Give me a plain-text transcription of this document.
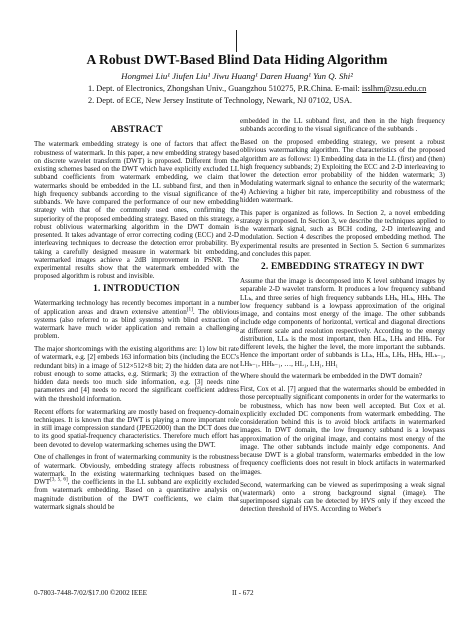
A Robust DWT-Based Blind Data Hiding Algorithm
Hongmei Liu¹ Jiufen Liu¹ Jiwu Huang¹ Daren Huang¹ Yun Q. Shi²
1. Dept. of Electronics, Zhongshan Univ., Guangzhou 510275, P.R.China. E-mail: isslhm@zsu.edu.cn
2. Dept. of ECE, New Jersey Institute of Technology, Newark, NJ 07102, USA.
ABSTRACT

The watermark embedding strategy is one of factors that affect the robustness of watermark. In this paper, a new embedding strategy based on discrete wavelet transform (DWT) is proposed. Different from the existing schemes based on the DWT which have explicitly excluded LL subband coefficients from watermark embedding, we claim that watermarks should be embedded in the LL subband first, and then in high frequency subbands according to the visual significance of the subbands. We have compared the performance of our new embedding strategy with that of the commonly used ones, confirming the superiority of the proposed embedding strategy. Based on this strategy, a robust oblivious watermarking algorithm in the DWT domain is presented. It takes advantage of error correcting coding (ECC) and 2-D interleaving techniques to decrease the detection error probability. By taking a carefully designed measure in watermark bit embedding, watermarked images achieve a 2dB improvement in PSNR. The experimental results show that the watermark embedded with the proposed algorithm is robust and invisible.

1. INTRODUCTION

Watermarking technology has recently becomes important in a number of application areas and drawn extensive attention[1]. The oblivious systems (also referred to as blind systems) with blind extraction of watermark have much wider application and remain a challenging problem.

The major shortcomings with the existing algorithms are: 1) low bit rate of watermark, e.g. [2] embeds 163 information bits (including the ECC's redundant bits) in a image of 512×512×8 bit; 2) the hidden data are not robust enough to some attacks, e.g. Stirmark; 3) the extraction of the hidden data needs too much side information, e.g. [3] needs nine parameters and [4] needs to record the significant coefficient address with the threshold information.

Recent efforts for watermarking are mostly based on frequency-domain techniques. It is known that the DWT is playing a more important role in still image compression standard (JPEG2000) than the DCT does due to its good spatial-frequency characteristics. Therefore much effort has been devoted to develop watermarking schemes using the DWT.

One of challenges in front of watermarking community is the robustness of watermark. Obviously, embedding strategy affects robustness of watermark. In the existing watermarking techniques based on the DWT[3, 5, 6], the coefficients in the LL subband are explicitly excluded from watermark embedding. Based on a quantitative analysis on magnitude distribution of the DWT coefficients, we claim that watermark signals should be

embedded in the LL subband first, and then in the high frequency subbands according to the visual significance of the subbands .

Based on the proposed embedding strategy, we present a robust oblivious watermarking algorithm. The characteristics of the proposed algorithm are as follows: 1) Embedding data in the LL (first) and (then) high frequency subbands; 2) Exploiting the ECC and 2-D interleaving to lower the detection error probability of the hidden watermark; 3) Modulating watermark signal to enhance the security of the watermark; 4) Achieving a higher bit rate, imperceptibility and robustness of the hidden watermark.

This paper is organized as follows. In Section 2, a novel embedding strategy is proposed. In Section 3, we describe the techniques applied to the watermark signal, such as BCH coding, 2-D interleaving and modulation. Section 4 describes the proposed embedding method. The experimental results are presented in Section 5. Section 6 summarizes and concludes this paper.

2. EMBEDDING STRATEGY IN DWT

Assume that the image is decomposed into K level subband images by separable 2-D wavelet transform. It produces a low frequency subband LLₖ, and three series of high frequency subbands LHₖ, HLₖ, HHₖ. The low frequency subband is a lowpass approximation of the original image, and contains most energy of the image. The other subbands include edge components of horizontal, vertical and diagonal directions at different scale and resolution respectively. According to the energy distribution, LLₖ is the most important, then HLₖ, LHₖ and HHₖ. For different levels, the higher the level, the more important the subbands. Hence the important order of subbands is LLₖ, HLₖ, LHₖ, HHₖ, HLₖ₋₁, LHₖ₋₁, HHₖ₋₁, …, HL₁, LH₁, HH₁

Where should the watermark be embedded in the DWT domain?

First, Cox et al. [7] argued that the watermarks should be embedded in those perceptually significant components in order for the watermarks to be robustness, which has now been well accepted. But Cox et al. explicitly excluded DC components from watermark embedding. The consideration behind this is to avoid block artifacts in watermarked images. In DWT domain, the low frequency subband is a lowpass approximation of the original image, and contains most energy of the image. The other subbands include mainly edge components. And because DWT is a global transform, watermarks embedded in the low frequency coefficients does not result in block artifacts in watermarked images.

Second, watermarking can be viewed as superimposing a weak signal (watermark) onto a strong background signal (image). The superimposed signals can be detected by HVS only if they exceed the detection threshold of HVS. According to Weber's

0-7803-7448-7/02/$17.00 ©2002 IEEE	II - 672
